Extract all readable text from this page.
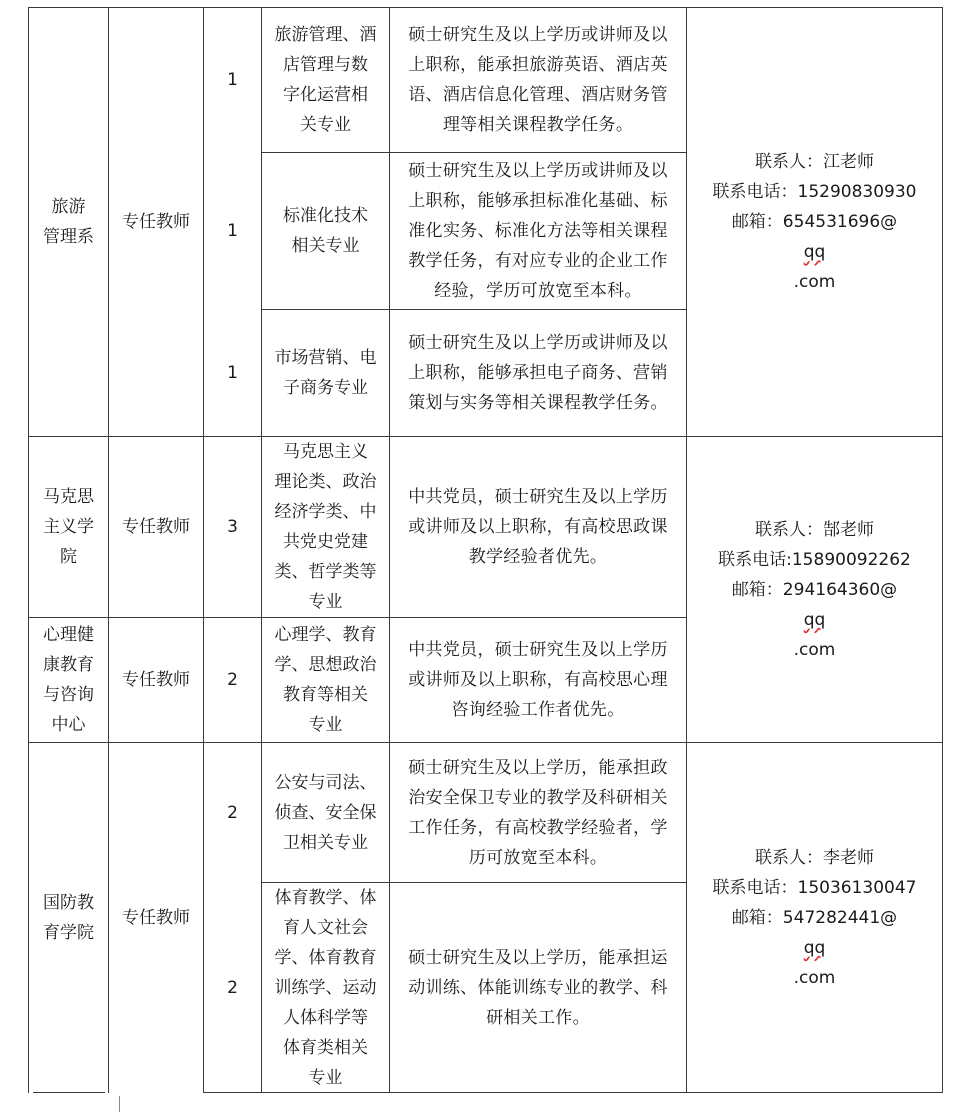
旅游
管理系
专任教师
1
旅游管理、酒
店管理与数
字化运营相
关专业
硕士研究生及以上学历或讲师及以
上职称，能承担旅游英语、酒店英
语、酒店信息化管理、酒店财务管
理等相关课程教学任务。
1
标准化技术
相关专业
硕士研究生及以上学历或讲师及以
上职称，能够承担标准化基础、标
准化实务、标准化方法等相关课程
教学任务，有对应专业的企业工作
经验，学历可放宽至本科。
1
市场营销、电
子商务专业
硕士研究生及以上学历或讲师及以
上职称，能够承担电子商务、营销
策划与实务等相关课程教学任务。
联系人：江老师
联系电话：15290830930
邮箱：654531696@
qq
.com
马克思
主义学
院
专任教师 3
马克思主义
理论类、政治
经济学类、中
共党史党建
类、哲学类等
专业
中共党员，硕士研究生及以上学历
或讲师及以上职称，有高校思政课
教学经验者优先。
心理健
康教育
与咨询
中心
专任教师 2
心理学、教育
学、思想政治
教育等相关
专业
中共党员，硕士研究生及以上学历
或讲师及以上职称，有高校思心理
咨询经验工作者优先。
联系人：郜老师
联系电话:15890092262
邮箱：294164360@
qq
.com
国防教
育学院
专任教师
2
公安与司法、
侦查、安全保
卫相关专业
硕士研究生及以上学历，能承担政
治安全保卫专业的教学及科研相关
工作任务，有高校教学经验者，学
历可放宽至本科。
2
体育教学、体
育人文社会
学、体育教育
训练学、运动
人体科学等
体育类相关
专业
硕士研究生及以上学历，能承担运
动训练、体能训练专业的教学、科
研相关工作。
联系人：李老师
联系电话：15036130047
邮箱：547282441@
qq
.com
